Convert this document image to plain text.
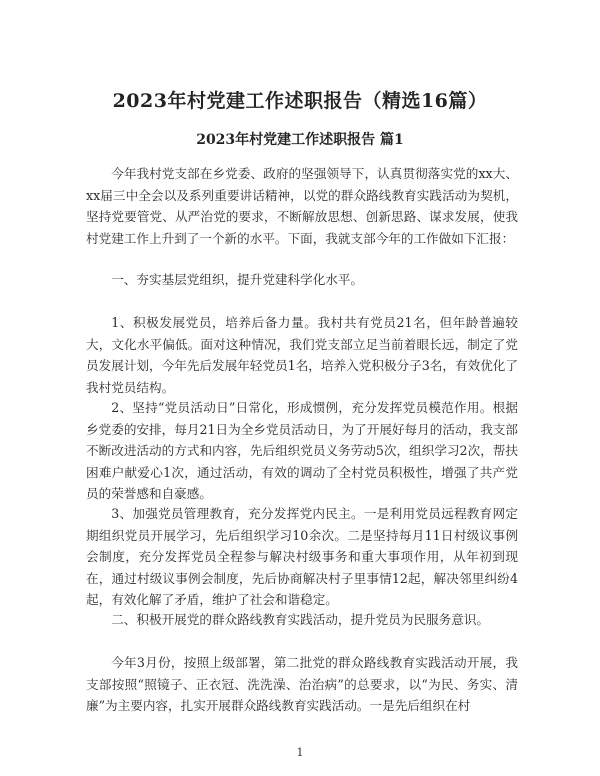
2023年村党建工作述职报告（精选16篇）
2023年村党建工作述职报告 篇1

今年我村党支部在乡党委、政府的坚强领导下，认真贯彻落实党的xx大、xx届三中全会以及系列重要讲话精神，以党的群众路线教育实践活动为契机，坚持党要管党、从严治党的要求，不断解放思想、创新思路、谋求发展，使我村党建工作上升到了一个新的水平。下面，我就支部今年的工作做如下汇报：

一、夯实基层党组织，提升党建科学化水平。

1、积极发展党员，培养后备力量。我村共有党员21名，但年龄普遍较大，文化水平偏低。面对这种情况，我们党支部立足当前着眼长远，制定了党员发展计划，今年先后发展年轻党员1名，培养入党积极分子3名，有效优化了我村党员结构。

2、坚持“党员活动日”日常化，形成惯例，充分发挥党员模范作用。根据乡党委的安排，每月21日为全乡党员活动日，为了开展好每月的活动，我支部不断改进活动的方式和内容，先后组织党员义务劳动5次，组织学习2次，帮扶困难户献爱心1次，通过活动，有效的调动了全村党员积极性，增强了共产党员的荣誉感和自豪感。

3、加强党员管理教育，充分发挥党内民主。一是利用党员远程教育网定期组织党员开展学习，先后组织学习10余次。二是坚持每月11日村级议事例会制度，充分发挥党员全程参与解决村级事务和重大事项作用，从年初到现在，通过村级议事例会制度，先后协商解决村子里事情12起，解决邻里纠纷4起，有效化解了矛盾，维护了社会和谐稳定。

二、积极开展党的群众路线教育实践活动，提升党员为民服务意识。

今年3月份，按照上级部署，第二批党的群众路线教育实践活动开展，我支部按照“照镜子、正衣冠、洗洗澡、治治病”的总要求，以“为民、务实、清廉”为主要内容，扎实开展群众路线教育实践活动。一是先后组织在村

1
